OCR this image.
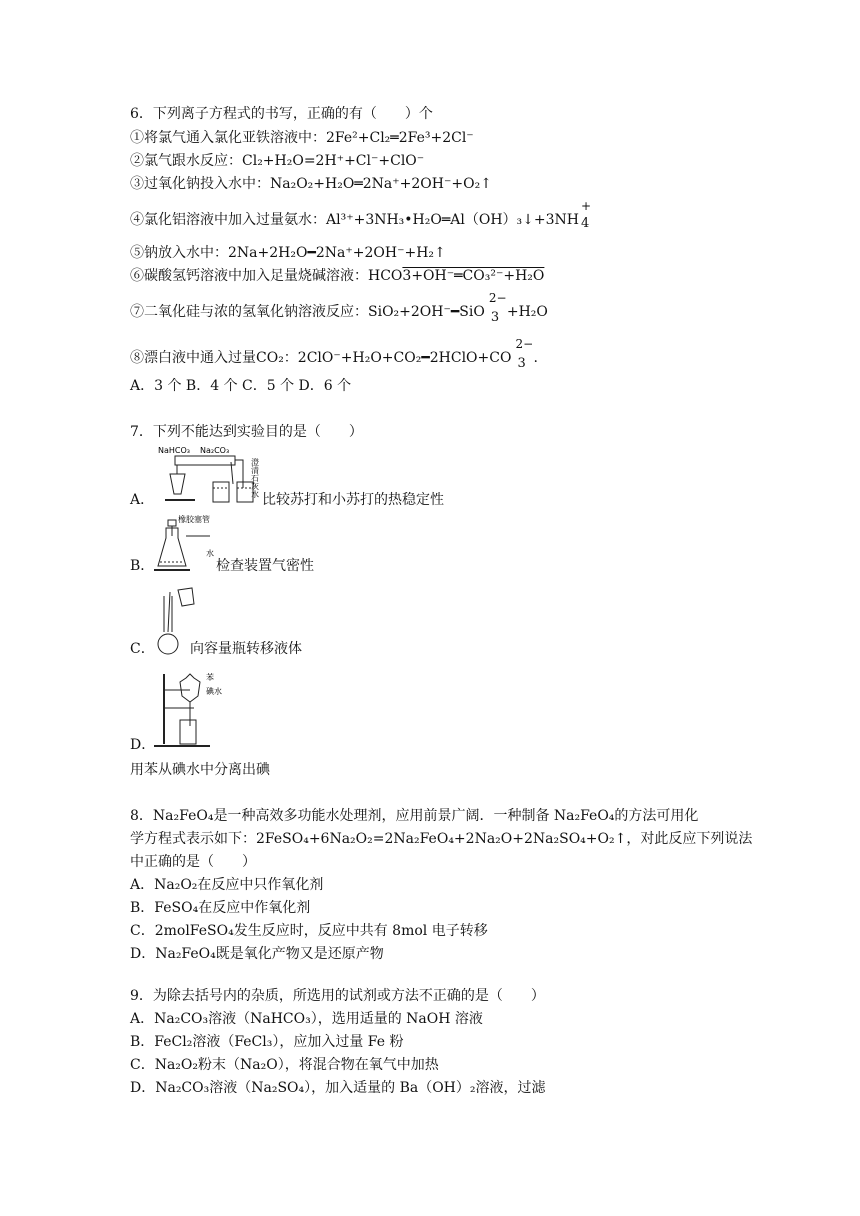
6．下列离子方程式的书写，正确的有（　　）个
①将氯气通入氯化亚铁溶液中：2Fe²+Cl₂═2Fe³+2Cl⁻
②氯气跟水反应：Cl₂+H₂O=2H⁺+Cl⁻+ClO⁻
③过氧化钠投入水中：Na₂O₂+H₂O═2Na⁺+2OH⁻+O₂↑
④氯化铝溶液中加入过量氨水：Al³⁺+3NH₃•H₂O═Al（OH）₃↓+3NH
+
4

⑤钠放入水中：2Na+2H₂O━2Na⁺+2OH⁻+H₂↑
⑥碳酸氢钙溶液中加入足量烧碱溶液：HCO3+OH⁻═CO₃²⁻+H₂O
⑦二氧化硅与浓的氢氧化钠溶液反应：SiO₂+2OH⁻━SiO
2−
3 +H₂O
⑧漂白液中通入过量CO₂：2ClO⁻+H₂O+CO₂━2HClO+CO
2−
3 .
A．3 个 B．4 个 C．5 个 D．6 个
7．下列不能达到实验目的是（　　）
NaHCO₃ Na₂CO₃
澄清石灰水
A．	比较苏打和小苏打的热稳定性
橡胶塞管
水
B．	检查装置气密性
C．	向容量瓶转移液体
苯
碘水
D．
用苯从碘水中分离出碘
8．Na₂FeO₄是一种高效多功能水处理剂，应用前景广阔．一种制备 Na₂FeO₄的方法可用化
学方程式表示如下：2FeSO₄+6Na₂O₂=2Na₂FeO₄+2Na₂O+2Na₂SO₄+O₂↑，对此反应下列说法
中正确的是（　　）
A．Na₂O₂在反应中只作氧化剂
B．FeSO₄在反应中作氧化剂
C．2molFeSO₄发生反应时，反应中共有 8mol 电子转移
D．Na₂FeO₄既是氧化产物又是还原产物
9．为除去括号内的杂质，所选用的试剂或方法不正确的是（　　）
A．Na₂CO₃溶液（NaHCO₃），选用适量的 NaOH 溶液
B．FeCl₂溶液（FeCl₃），应加入过量 Fe 粉
C．Na₂O₂粉末（Na₂O），将混合物在氧气中加热
D．Na₂CO₃溶液（Na₂SO₄），加入适量的 Ba（OH）₂溶液，过滤
